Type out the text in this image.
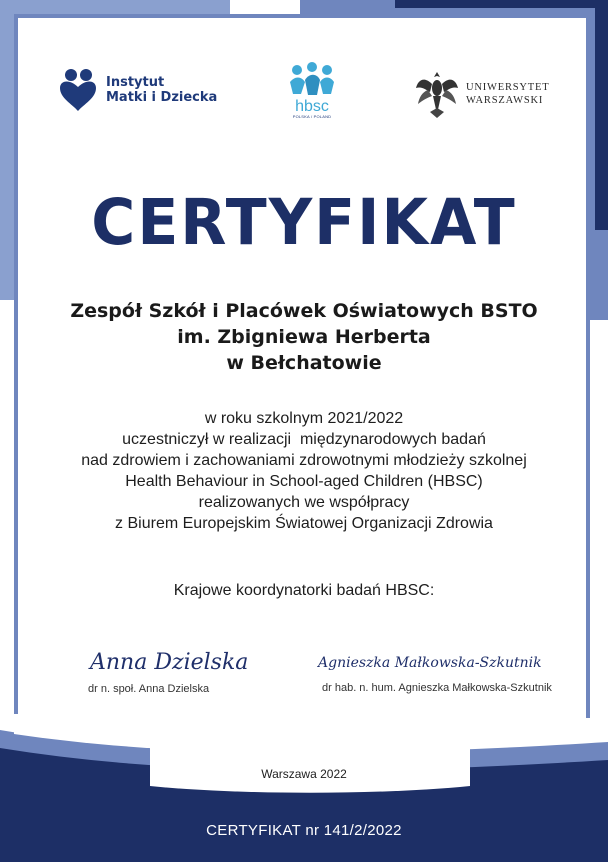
Instytut
Matki i Dziecka
hbsc
POLSKA / POLAND
UNIWERSYTET
WARSZAWSKI
CERTYFIKAT
Zespół Szkół i Placówek Oświatowych BSTO
im. Zbigniewa Herberta
w Bełchatowie
w roku szkolnym 2021/2022
uczestniczył w realizacji  międzynarodowych badań
nad zdrowiem i zachowaniami zdrowotnymi młodzieży szkolnej
Health Behaviour in School-aged Children (HBSC)
realizowanych we współpracy
z Biurem Europejskim Światowej Organizacji Zdrowia
Krajowe koordynatorki badań HBSC:
Anna Dzielska
dr n. społ. Anna Dzielska
Agnieszka Małkowska-Szkutnik
dr hab. n. hum. Agnieszka Małkowska-Szkutnik
Warszawa 2022
CERTYFIKAT nr 141/2/2022
